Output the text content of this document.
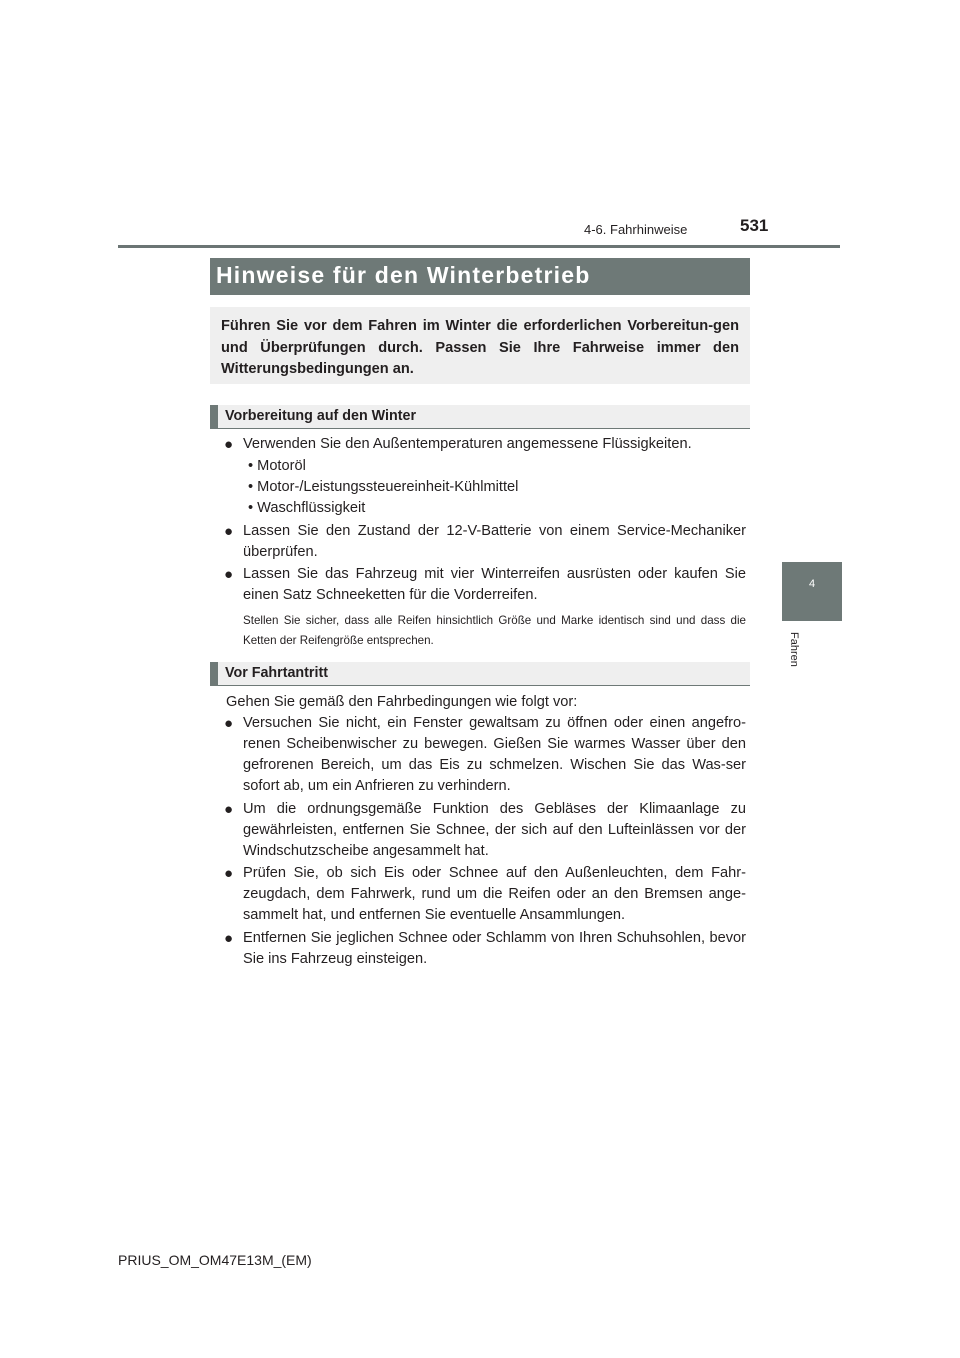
4-6. Fahrhinweise	531
4
Fahren
Hinweise für den Winterbetrieb
Führen Sie vor dem Fahren im Winter die erforderlichen Vorbereitun-gen und Überprüfungen durch. Passen Sie Ihre Fahrweise immer den Witterungsbedingungen an.
Vorbereitung auf den Winter
● Verwenden Sie den Außentemperaturen angemessene Flüssigkeiten.
• Motoröl
• Motor-/Leistungssteuereinheit-Kühlmittel
• Waschflüssigkeit
● Lassen Sie den Zustand der 12-V-Batterie von einem Service-Mechaniker überprüfen.
● Lassen Sie das Fahrzeug mit vier Winterreifen ausrüsten oder kaufen Sie einen Satz Schneeketten für die Vorderreifen.
Stellen Sie sicher, dass alle Reifen hinsichtlich Größe und Marke identisch sind und dass die Ketten der Reifengröße entsprechen.
Vor Fahrtantritt
Gehen Sie gemäß den Fahrbedingungen wie folgt vor:
● Versuchen Sie nicht, ein Fenster gewaltsam zu öffnen oder einen angefro-renen Scheibenwischer zu bewegen. Gießen Sie warmes Wasser über den gefrorenen Bereich, um das Eis zu schmelzen. Wischen Sie das Was-ser sofort ab, um ein Anfrieren zu verhindern.
● Um die ordnungsgemäße Funktion des Gebläses der Klimaanlage zu gewährleisten, entfernen Sie Schnee, der sich auf den Lufteinlässen vor der Windschutzscheibe angesammelt hat.
● Prüfen Sie, ob sich Eis oder Schnee auf den Außenleuchten, dem Fahr-zeugdach, dem Fahrwerk, rund um die Reifen oder an den Bremsen ange-sammelt hat, und entfernen Sie eventuelle Ansammlungen.
● Entfernen Sie jeglichen Schnee oder Schlamm von Ihren Schuhsohlen, bevor Sie ins Fahrzeug einsteigen.
PRIUS_OM_OM47E13M_(EM)
